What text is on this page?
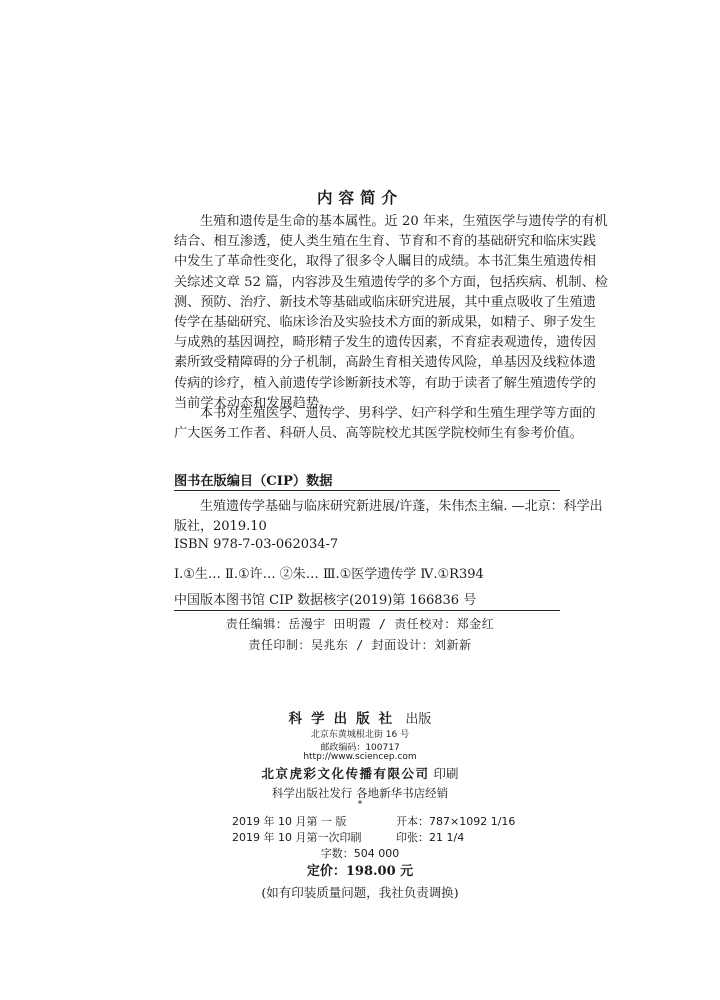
内容简介
生殖和遗传是生命的基本属性。近 20 年来，生殖医学与遗传学的有机
结合、相互渗透，使人类生殖在生育、节育和不育的基础研究和临床实践
中发生了革命性变化，取得了很多令人瞩目的成绩。本书汇集生殖遗传相
关综述文章 52 篇，内容涉及生殖遗传学的多个方面，包括疾病、机制、检
测、预防、治疗、新技术等基础或临床研究进展，其中重点吸收了生殖遗
传学在基础研究、临床诊治及实验技术方面的新成果，如精子、卵子发生
与成熟的基因调控，畸形精子发生的遗传因素，不育症表观遗传，遗传因
素所致受精障碍的分子机制，高龄生育相关遗传风险，单基因及线粒体遗
传病的诊疗，植入前遗传学诊断新技术等，有助于读者了解生殖遗传学的
当前学术动态和发展趋势。
本书对生殖医学、遗传学、男科学、妇产科学和生殖生理学等方面的
广大医务工作者、科研人员、高等院校尤其医学院校师生有参考价值。
图书在版编目（CIP）数据
生殖遗传学基础与临床研究新进展/许蓬，朱伟杰主编. —北京：科学出
版社，2019.10
ISBN 978-7-03-062034-7
Ⅰ.①生… Ⅱ.①许… ②朱… Ⅲ.①医学遗传学 Ⅳ.①R394
中国版本图书馆 CIP 数据核字(2019)第 166836 号
责任编辑：岳漫宇 田明霞 / 责任校对：郑金红
责任印制：吴兆东 / 封面设计：刘新新
科学出版社 出版
北京东黄城根北街 16 号
邮政编码：100717
http://www.sciencep.com
北京虎彩文化传播有限公司 印刷
科学出版社发行 各地新华书店经销
*
2019 年 10 月第 一 版	开本：787×1092 1/16
2019 年 10 月第一次印刷	印张：21 1/4
字数：504 000
定价：198.00 元
(如有印装质量问题，我社负责调换)
